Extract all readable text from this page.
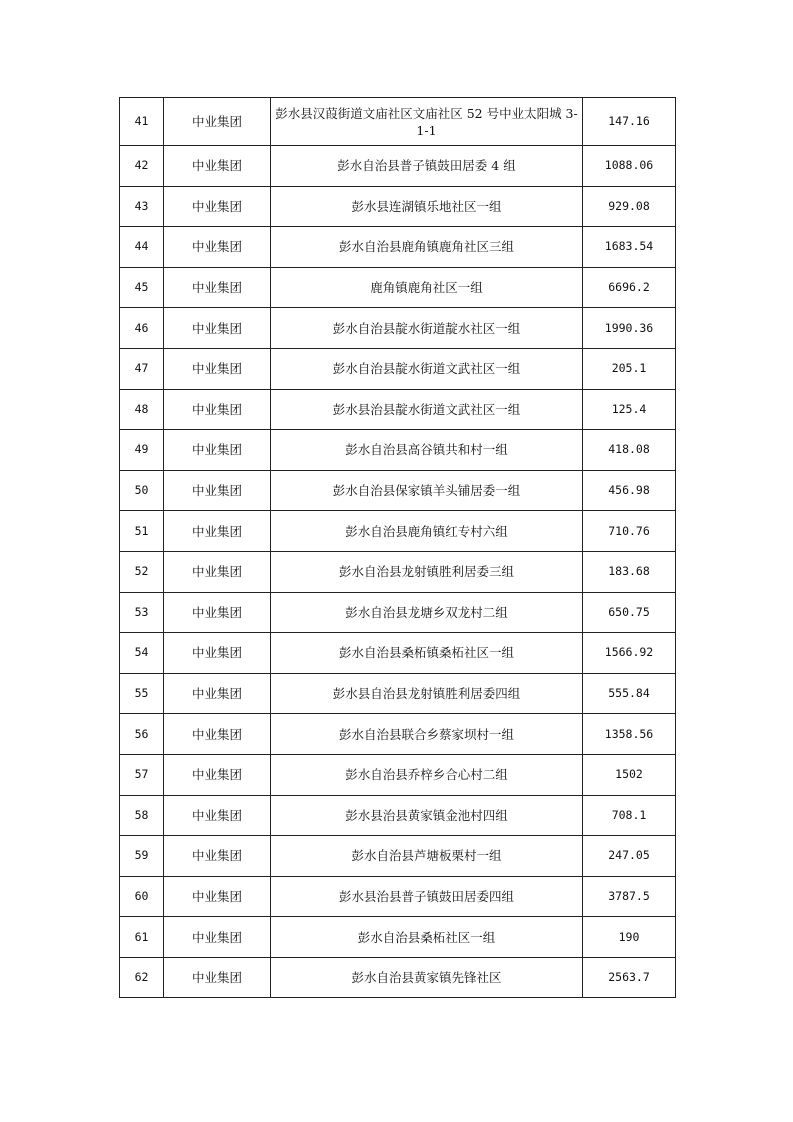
41	中业集团	彭水县汉葭街道文庙社区文庙社区 52 号中业太阳城 3-1-1	147.16
42	中业集团	彭水自治县普子镇鼓田居委 4 组	1088.06
43	中业集团	彭水县连湖镇乐地社区一组	929.08
44	中业集团	彭水自治县鹿角镇鹿角社区三组	1683.54
45	中业集团	鹿角镇鹿角社区一组	6696.2
46	中业集团	彭水自治县靛水街道靛水社区一组	1990.36
47	中业集团	彭水自治县靛水街道文武社区一组	205.1
48	中业集团	彭水县治县靛水街道文武社区一组	125.4
49	中业集团	彭水自治县高谷镇共和村一组	418.08
50	中业集团	彭水自治县保家镇羊头铺居委一组	456.98
51	中业集团	彭水自治县鹿角镇红专村六组	710.76
52	中业集团	彭水自治县龙射镇胜利居委三组	183.68
53	中业集团	彭水自治县龙塘乡双龙村二组	650.75
54	中业集团	彭水自治县桑柘镇桑柘社区一组	1566.92
55	中业集团	彭水县自治县龙射镇胜利居委四组	555.84
56	中业集团	彭水自治县联合乡蔡家坝村一组	1358.56
57	中业集团	彭水自治县乔梓乡合心村二组	1502
58	中业集团	彭水县治县黄家镇金池村四组	708.1
59	中业集团	彭水自治县芦塘板栗村一组	247.05
60	中业集团	彭水县治县普子镇鼓田居委四组	3787.5
61	中业集团	彭水自治县桑柘社区一组	190
62	中业集团	彭水自治县黄家镇先锋社区	2563.7
